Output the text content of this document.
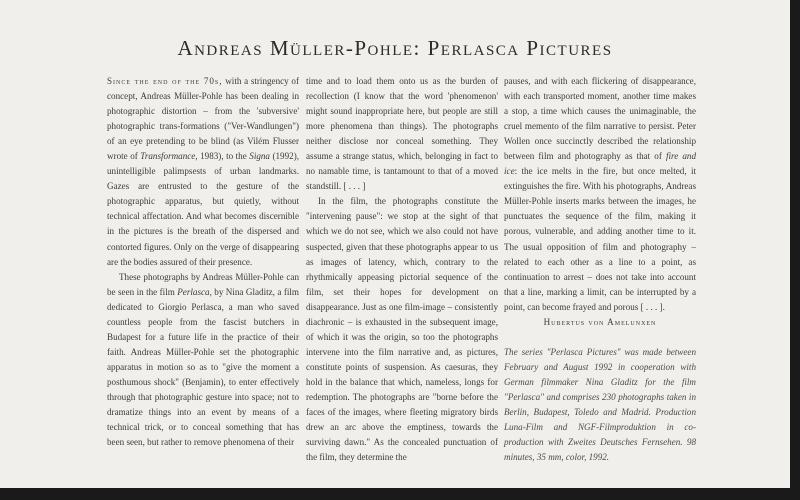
Andreas Müller-Pohle: Perlasca Pictures

Since the end of the 70s, with a stringency of concept, Andreas Müller-Pohle has been dealing in photographic distortion – from the 'subversive' photographic trans-formations ("Ver-Wandlungen") of an eye pretending to be blind (as Vilém Flusser wrote of Transformance, 1983), to the Signa (1992), unintelligible palimpsests of urban landmarks. Gazes are entrusted to the gesture of the photographic apparatus, but quietly, without technical affectation. And what becomes discernible in the pictures is the breath of the dispersed and contorted figures. Only on the verge of disappearing are the bodies assured of their presence.

These photographs by Andreas Müller-Pohle can be seen in the film Perlasca, by Nina Gladitz, a film dedicated to Giorgio Perlasca, a man who saved countless people from the fascist butchers in Budapest for a future life in the practice of their faith. Andreas Müller-Pohle set the photographic apparatus in motion so as to "give the moment a posthumous shock" (Benjamin), to enter effectively through that photographic gesture into space; not to dramatize things into an event by means of a technical trick, or to conceal something that has been seen, but rather to remove phenomena of their

time and to load them onto us as the burden of recollection (I know that the word 'phenomenon' might sound inappropriate here, but people are still more phenomena than things). The photographs neither disclose nor conceal something. They assume a strange status, which, belonging in fact to no namable time, is tantamount to that of a moved standstill. [ . . . ]

In the film, the photographs constitute the "intervening pause": we stop at the sight of that which we do not see, which we also could not have suspected, given that these photographs appear to us as images of latency, which, contrary to the rhythmically appeasing pictorial sequence of the film, set their hopes for development on disappearance. Just as one film-image – consistently diachronic – is exhausted in the subsequent image, of which it was the origin, so too the photographs intervene into the film narrative and, as pictures, constitute points of suspension. As caesuras, they hold in the balance that which, nameless, longs for redemption. The photographs are "borne before the faces of the images, where fleeting migratory birds drew an arc above the emptiness, towards the surviving dawn." As the concealed punctuation of the film, they determine the

pauses, and with each flickering of disappearance, with each transported moment, another time makes a stop, a time which causes the unimaginable, the cruel memento of the film narrative to persist. Peter Wollen once succinctly described the relationship between film and photography as that of fire and ice: the ice melts in the fire, but once melted, it extinguishes the fire. With his photographs, Andreas Müller-Pohle inserts marks between the images, he punctuates the sequence of the film, making it porous, vulnerable, and adding another time to it. The usual opposition of film and photography – related to each other as a line to a point, as continuation to arrest – does not take into account that a line, marking a limit, can be interrupted by a point, can become frayed and porous [ . . . ].

Hubertus von Amelunxen

The series "Perlasca Pictures" was made between February and August 1992 in cooperation with German filmmaker Nina Gladitz for the film "Perlasca" and comprises 230 photographs taken in Berlin, Budapest, Toledo and Madrid. Production Luna-Film and NGF-Filmproduktion in co-production with Zweites Deutsches Fernsehen. 98 minutes, 35 mm, color, 1992.
